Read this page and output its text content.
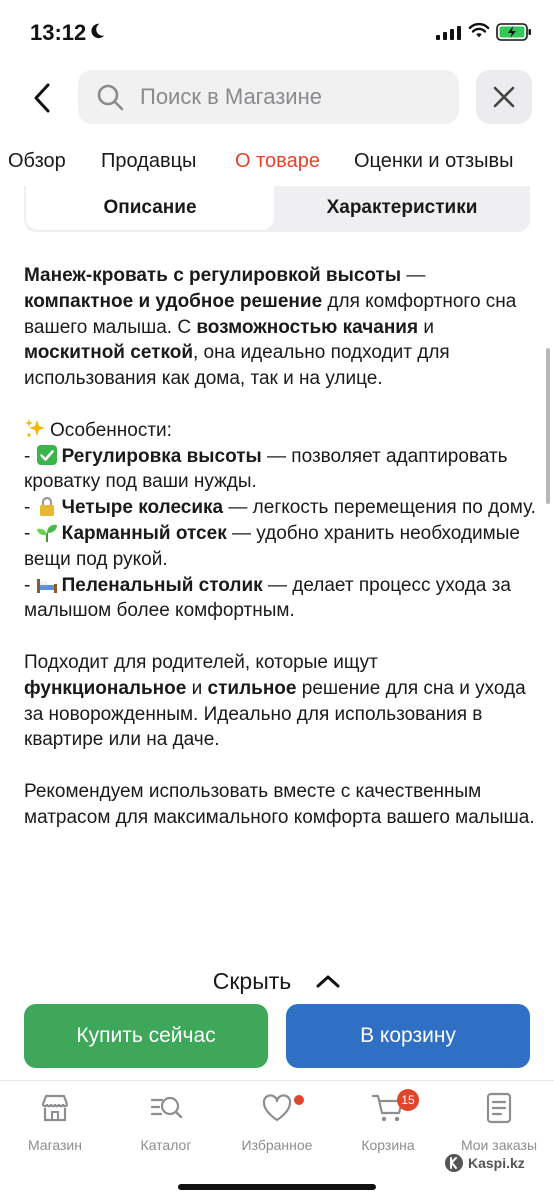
13:12
Поиск в Магазине
Обзор Продавцы О товаре Оценки и отзывы
Описание	Характеристики

Манеж-кровать с регулировкой высоты — компактное и удобное решение для комфортного сна вашего малыша. С возможностью качания и москитной сеткой, она идеально подходит для использования как дома, так и на улице.

Особенности:

- Регулировка высоты — позволяет адаптировать кроватку под ваши нужды.

- Четыре колесика — легкость перемещения по дому.

- Карманный отсек — удобно хранить необходимые вещи под рукой.

- Пеленальный столик — делает процесс ухода за малышом более комфортным.

Подходит для родителей, которые ищут функциональное и стильное решение для сна и ухода за новорожденным. Идеально для использования в квартире или на даче.

Рекомендуем использовать вместе с качественным матрасом для максимального комфорта вашего малыша.

Скрыть
Купить сейчас	В корзину
Магазин	Каталог	Избранное
15
Корзина	Мои заказы
Kaspi.kz
